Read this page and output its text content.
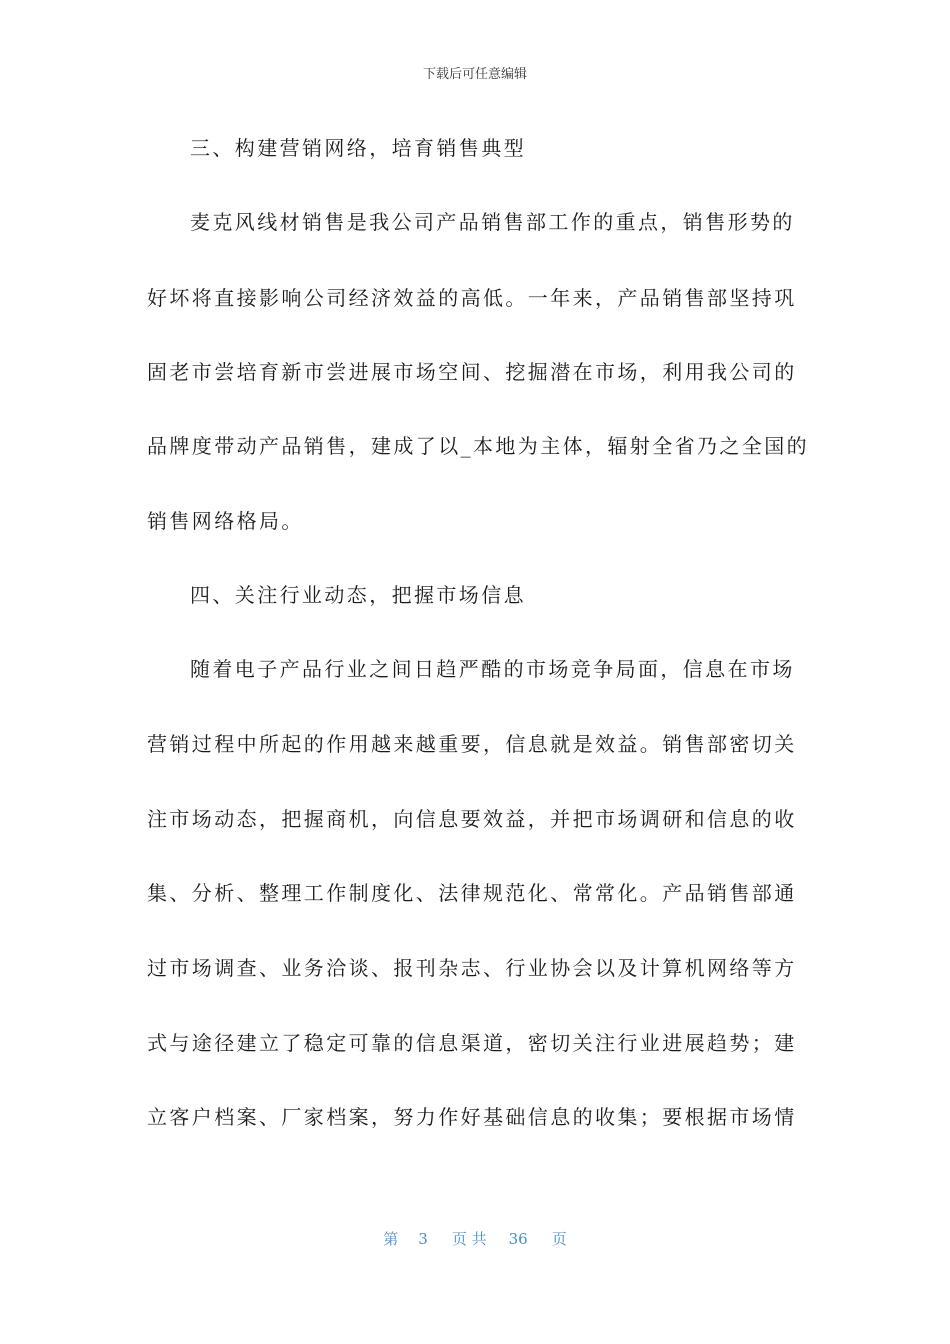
下载后可任意编辑
三、构建营销网络，培育销售典型
麦克风线材销售是我公司产品销售部工作的重点，销售形势的
好坏将直接影响公司经济效益的高低。一年来，产品销售部坚持巩
固老市尝培育新市尝进展市场空间、挖掘潜在市场，利用我公司的
品牌度带动产品销售，建成了以_本地为主体，辐射全省乃之全国的
销售网络格局。
四、关注行业动态，把握市场信息
随着电子产品行业之间日趋严酷的市场竞争局面，信息在市场
营销过程中所起的作用越来越重要，信息就是效益。销售部密切关
注市场动态，把握商机，向信息要效益，并把市场调研和信息的收
集、分析、整理工作制度化、法律规范化、常常化。产品销售部通
过市场调查、业务洽谈、报刊杂志、行业协会以及计算机网络等方
式与途径建立了稳定可靠的信息渠道，密切关注行业进展趋势；建
立客户档案、厂家档案，努力作好基础信息的收集；要根据市场情
第 3 页 共 36 页
